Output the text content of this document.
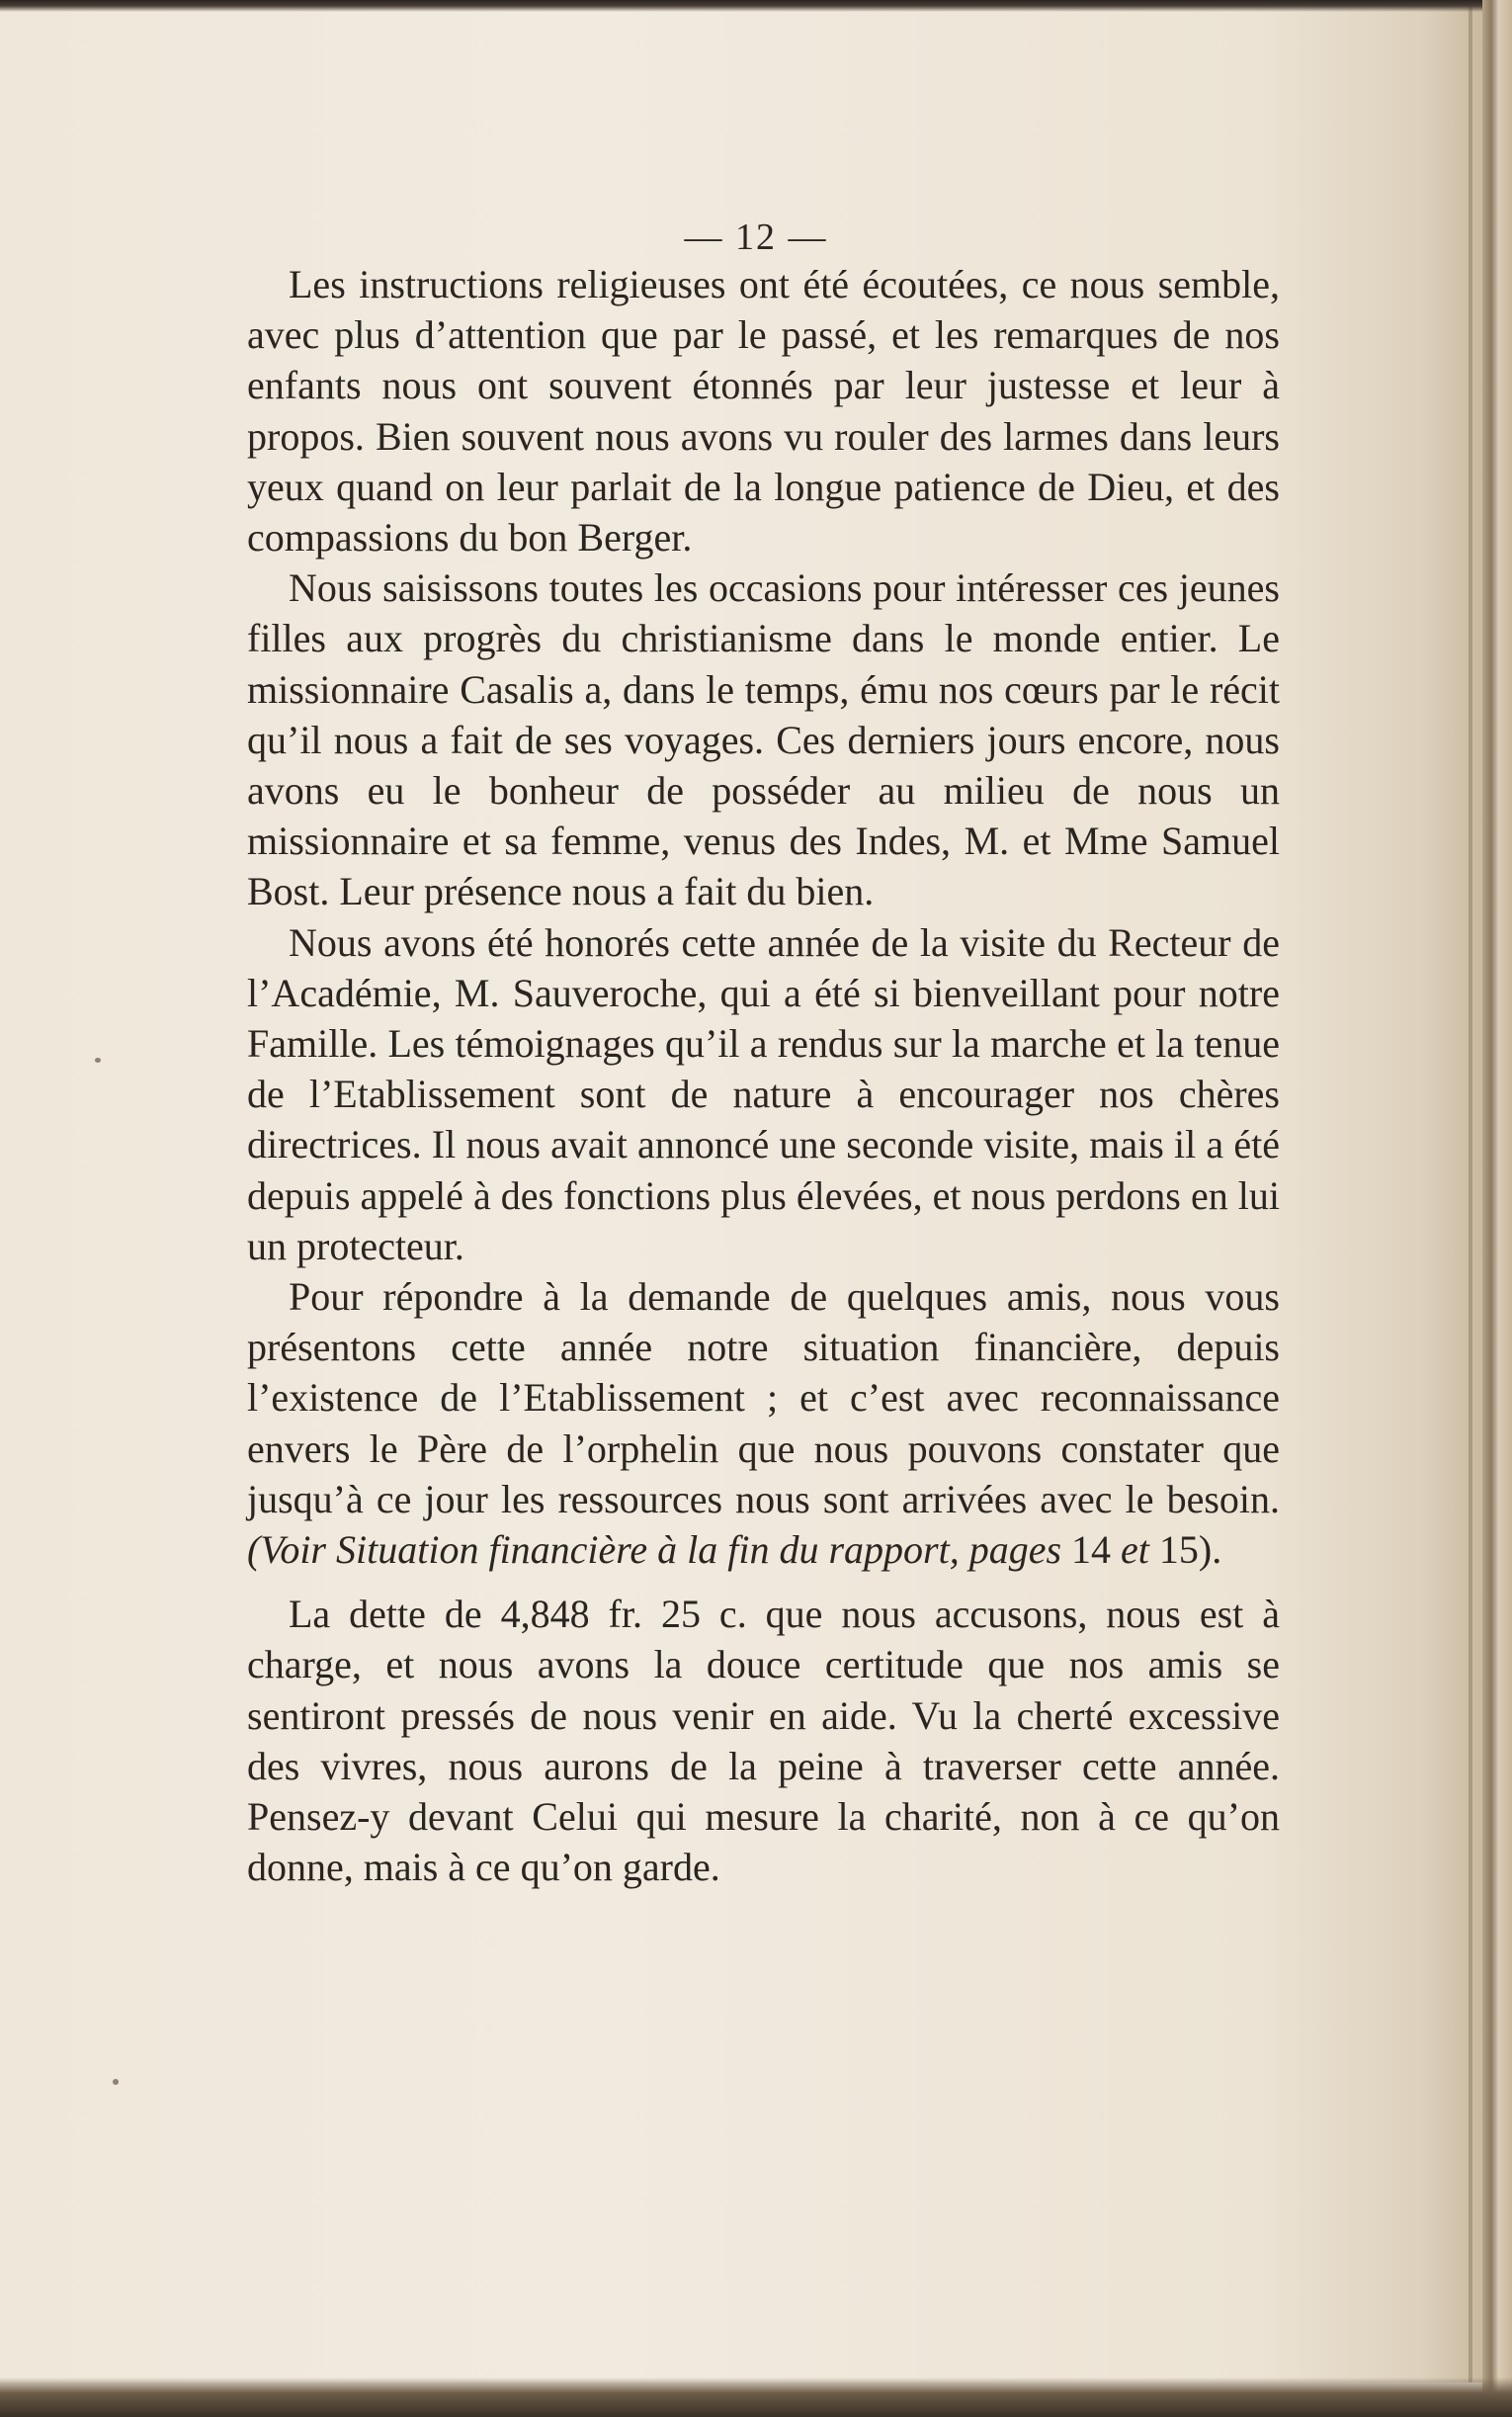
— 12 —

Les instructions religieuses ont été écoutées, ce nous semble, avec plus d’attention que par le passé, et les remarques de nos enfants nous ont souvent étonnés par leur justesse et leur à propos. Bien souvent nous avons vu rouler des larmes dans leurs yeux quand on leur parlait de la longue patience de Dieu, et des compassions du bon Berger.

Nous saisissons toutes les occasions pour intéresser ces jeunes filles aux progrès du christianisme dans le monde entier. Le missionnaire Casalis a, dans le temps, ému nos cœurs par le récit qu’il nous a fait de ses voyages. Ces derniers jours encore, nous avons eu le bonheur de posséder au milieu de nous un missionnaire et sa femme, venus des Indes, M. et Mme Samuel Bost. Leur présence nous a fait du bien.

Nous avons été honorés cette année de la visite du Recteur de l’Académie, M. Sauveroche, qui a été si bienveillant pour notre Famille. Les témoignages qu’il a rendus sur la marche et la tenue de l’Etablissement sont de nature à encourager nos chères directrices. Il nous avait annoncé une seconde visite, mais il a été depuis appelé à des fonctions plus élevées, et nous perdons en lui un protecteur.

Pour répondre à la demande de quelques amis, nous vous présentons cette année notre situation financière, depuis l’existence de l’Etablissement ; et c’est avec reconnaissance envers le Père de l’orphelin que nous pouvons constater que jusqu’à ce jour les ressources nous sont arrivées avec le besoin. (Voir Situation financière à la fin du rapport, pages 14 et 15).

La dette de 4,848 fr. 25 c. que nous accusons, nous est à charge, et nous avons la douce certitude que nos amis se sentiront pressés de nous venir en aide. Vu la cherté excessive des vivres, nous aurons de la peine à traverser cette année. Pensez-y devant Celui qui mesure la charité, non à ce qu’on donne, mais à ce qu’on garde.
